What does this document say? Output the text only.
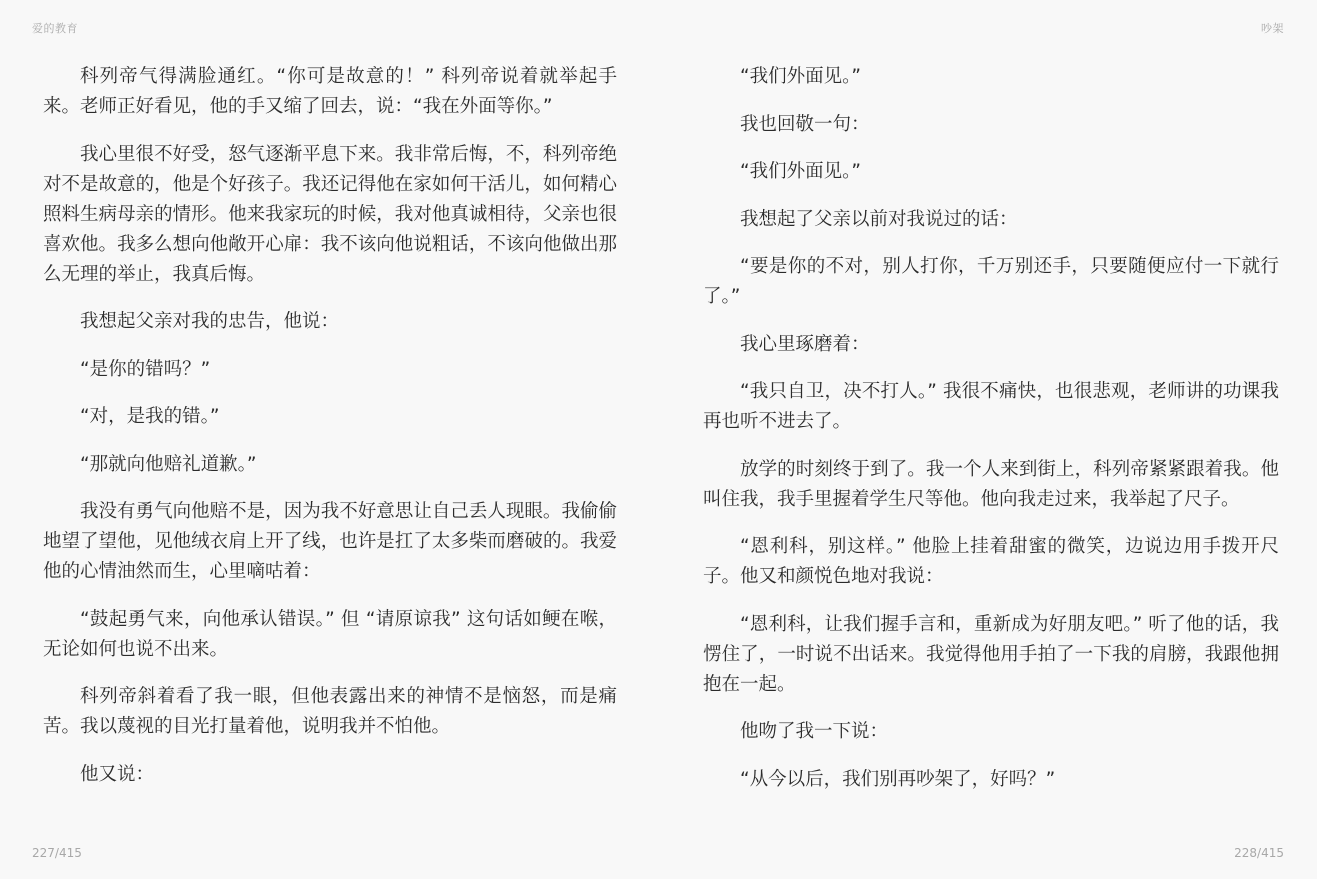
爱的教育

科列帝气得满脸通红。“你可是故意的！” 科列帝说着就举起手来。老师正好看见，他的手又缩了回去，说：“我在外面等你。”

我心里很不好受，怒气逐渐平息下来。我非常后悔，不，科列帝绝对不是故意的，他是个好孩子。我还记得他在家如何干活儿，如何精心照料生病母亲的情形。他来我家玩的时候，我对他真诚相待，父亲也很喜欢他。我多么想向他敞开心扉：我不该向他说粗话，不该向他做出那么无理的举止，我真后悔。

我想起父亲对我的忠告，他说：

“是你的错吗？”

“对，是我的错。”

“那就向他赔礼道歉。”

我没有勇气向他赔不是，因为我不好意思让自己丢人现眼。我偷偷地望了望他，见他绒衣肩上开了线，也许是扛了太多柴而磨破的。我爱他的心情油然而生，心里嘀咕着：

“鼓起勇气来，向他承认错误。” 但 “请原谅我” 这句话如鲠在喉，无论如何也说不出来。

科列帝斜着看了我一眼，但他表露出来的神情不是恼怒，而是痛苦。我以蔑视的目光打量着他，说明我并不怕他。

他又说：

227/415
吵架

“我们外面见。”

我也回敬一句：

“我们外面见。”

我想起了父亲以前对我说过的话：

“要是你的不对，别人打你，千万别还手，只要随便应付一下就行了。”

我心里琢磨着：

“我只自卫，决不打人。” 我很不痛快，也很悲观，老师讲的功课我再也听不进去了。

放学的时刻终于到了。我一个人来到街上，科列帝紧紧跟着我。他叫住我，我手里握着学生尺等他。他向我走过来，我举起了尺子。

“恩利科，别这样。” 他脸上挂着甜蜜的微笑，边说边用手拨开尺子。他又和颜悦色地对我说：

“恩利科，让我们握手言和，重新成为好朋友吧。” 听了他的话，我愣住了，一时说不出话来。我觉得他用手拍了一下我的肩膀，我跟他拥抱在一起。

他吻了我一下说：

“从今以后，我们别再吵架了，好吗？”

228/415
